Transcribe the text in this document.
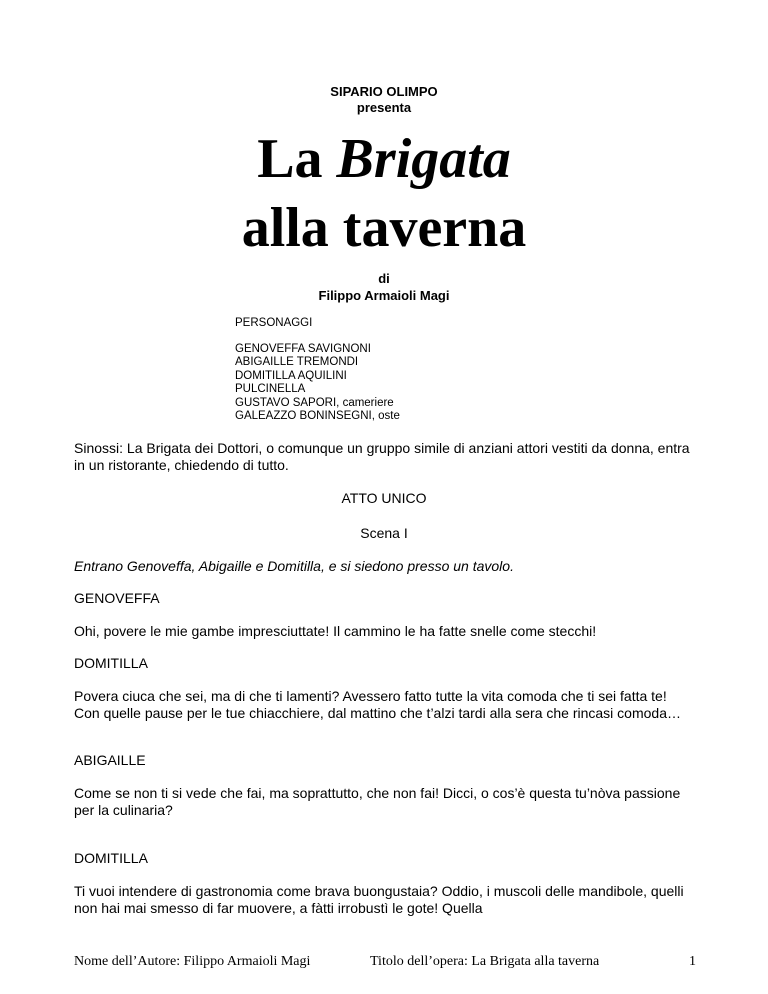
SIPARIO OLIMPO
presenta
La Brigata
alla taverna
di
Filippo Armaioli Magi
PERSONAGGI
GENOVEFFA SAVIGNONI
ABIGAILLE TREMONDI
DOMITILLA AQUILINI
PULCINELLA
GUSTAVO SAPORI, cameriere
GALEAZZO BONINSEGNI, oste
Sinossi: La Brigata dei Dottori, o comunque un gruppo simile di anziani attori vestiti da donna, entra in un ristorante, chiedendo di tutto.
ATTO UNICO
Scena I
Entrano Genoveffa, Abigaille e Domitilla, e si siedono presso un tavolo.
GENOVEFFA
Ohi, povere le mie gambe impresciuttate! Il cammino le ha fatte snelle come stecchi!
DOMITILLA
Povera ciuca che sei, ma di che ti lamenti? Avessero fatto tutte la vita comoda che ti sei fatta te! Con quelle pause per le tue chiacchiere, dal mattino che t’alzi tardi alla sera che rincasi comoda…
ABIGAILLE
Come se non ti si vede che fai, ma soprattutto, che non fai! Dicci, o cos’è questa tu’nòva passione per la culinaria?
DOMITILLA
Ti vuoi intendere di gastronomia come brava buongustaia? Oddio, i muscoli delle mandibole, quelli non hai mai smesso di far muovere, a fàtti irrobustì le gote! Quella
Nome dell’Autore: Filippo Armaioli Magi	Titolo dell’opera: La Brigata alla taverna	1
